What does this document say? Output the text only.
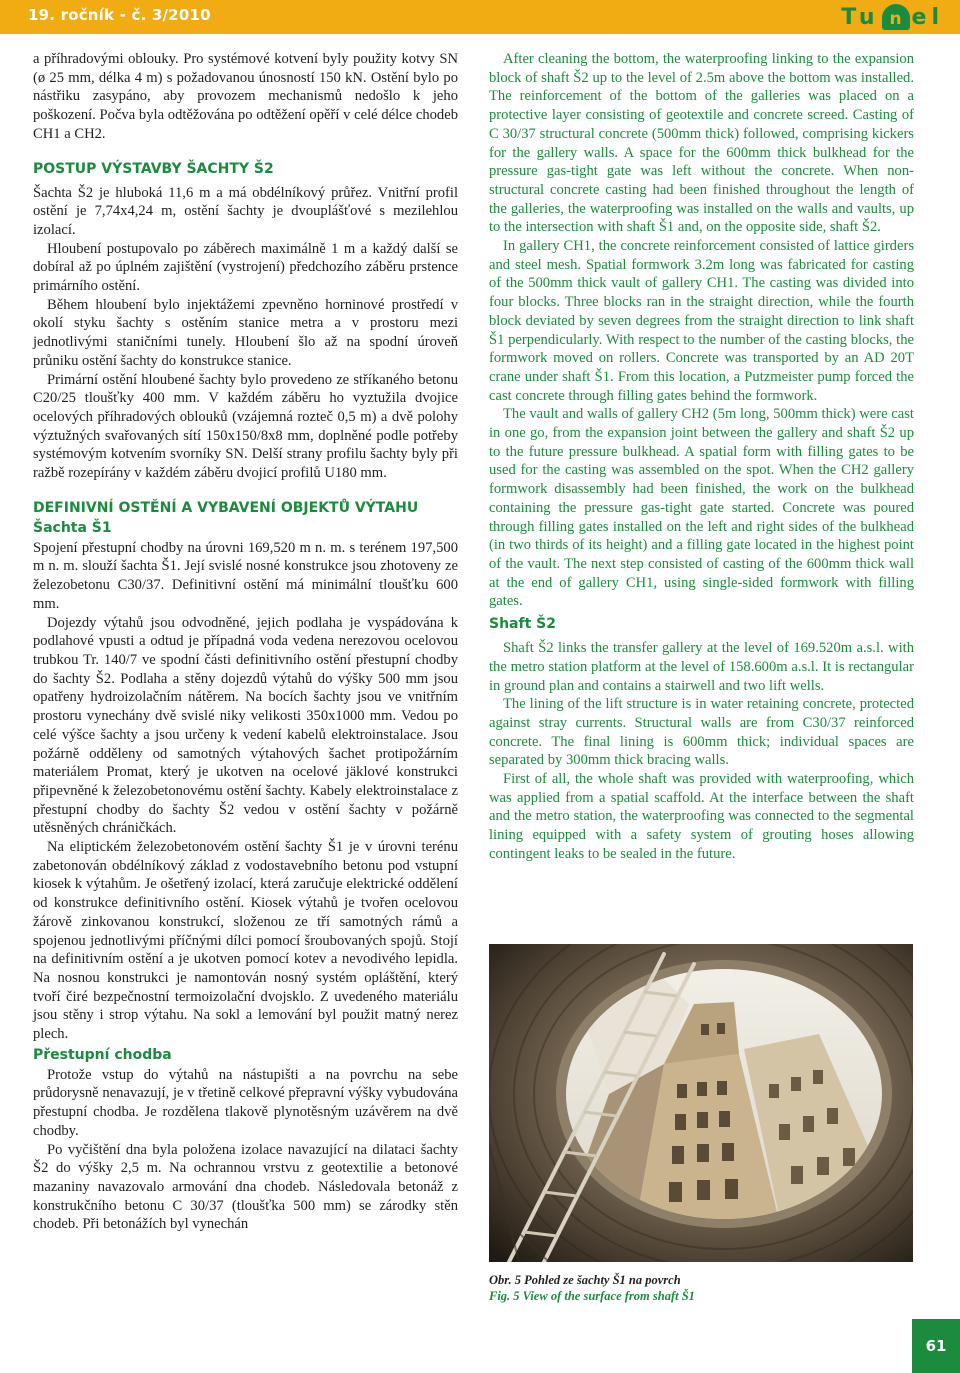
19. ročník - č. 3/2010	Tu n el

a příhradovými oblouky. Pro systémové kotvení byly použity kotvy SN (ø 25 mm, délka 4 m) s požadovanou únosností 150 kN. Ostění bylo po nástřiku zasypáno, aby provozem mechanismů nedošlo k jeho poškození. Počva byla odtěžována po odtěžení opěří v celé délce chodeb CH1 a CH2.

POSTUP VÝSTAVBY ŠACHTY Š2

Šachta Š2 je hluboká 11,6 m a má obdélníkový průřez. Vnitřní profil ostění je 7,74x4,24 m, ostění šachty je dvouplášťové s mezilehlou izolací.

Hloubení postupovalo po záběrech maximálně 1 m a každý další se dobíral až po úplném zajištění (vystrojení) předchozího záběru prstence primárního ostění.

Během hloubení bylo injektážemi zpevněno horninové prostředí v okolí styku šachty s ostěním stanice metra a v prostoru mezi jednotlivými staničními tunely. Hloubení šlo až na spodní úroveň průniku ostění šachty do konstrukce stanice.

Primární ostění hloubené šachty bylo provedeno ze stříkaného betonu C20/25 tloušťky 400 mm. V každém záběru ho vyztužila dvojice ocelových příhradových oblouků (vzájemná rozteč 0,5 m) a dvě polohy výztužných svařovaných sítí 150x150/8x8 mm, doplněné podle potřeby systémovým kotvením svorníky SN. Delší strany profilu šachty byly při ražbě rozepírány v každém záběru dvojicí profilů U180 mm.

DEFINIVNÍ OSTĚNÍ A VYBAVENÍ OBJEKTŮ VÝTAHU
Šachta Š1

Spojení přestupní chodby na úrovni 169,520 m n. m. s terénem 197,500 m n. m. slouží šachta Š1. Její svislé nosné konstrukce jsou zhotoveny ze železobetonu C30/37. Definitivní ostění má minimální tloušťku 600 mm.

Dojezdy výtahů jsou odvodněné, jejich podlaha je vyspádována k podlahové vpusti a odtud je případná voda vedena nerezovou ocelovou trubkou Tr. 140/7 ve spodní části definitivního ostění přestupní chodby do šachty Š2. Podlaha a stěny dojezdů výtahů do výšky 500 mm jsou opatřeny hydroizolačním nátěrem. Na bocích šachty jsou ve vnitřním prostoru vynechány dvě svislé niky velikosti 350x1000 mm. Vedou po celé výšce šachty a jsou určeny k vedení kabelů elektroinstalace. Jsou požárně odděleny od samotných výtahových šachet protipožárním materiálem Promat, který je ukotven na ocelové jäklové konstrukci připevněné k železobetonovému ostění šachty. Kabely elektroinstalace z přestupní chodby do šachty Š2 vedou v ostění šachty v požárně utěsněných chráničkách.

Na eliptickém železobetonovém ostění šachty Š1 je v úrovni terénu zabetonován obdélníkový základ z vodostavebního betonu pod vstupní kiosek k výtahům. Je ošetřený izolací, která zaručuje elektrické oddělení od konstrukce definitivního ostění. Kiosek výtahů je tvořen ocelovou žárově zinkovanou konstrukcí, složenou ze tří samotných rámů a spojenou jednotlivými příčnými dílci pomocí šroubovaných spojů. Stojí na definitivním ostění a je ukotven pomocí kotev a nevodivého lepidla. Na nosnou konstrukci je namontován nosný systém opláštění, který tvoří čiré bezpečnostní termoizolační dvojsklo. Z uvedeného materiálu jsou stěny i strop výtahu. Na sokl a lemování byl použit matný nerez plech.

Přestupní chodba

Protože vstup do výtahů na nástupišti a na povrchu na sebe průdorysně nenavazují, je v třetině celkové přepravní výšky vybudována přestupní chodba. Je rozdělena tlakově plynotěsným uzávěrem na dvě chodby.

Po vyčištění dna byla položena izolace navazující na dilataci šachty Š2 do výšky 2,5 m. Na ochrannou vrstvu z geotextilie a betonové mazaniny navazovalo armování dna chodeb. Následovala betonáž z konstrukčního betonu C 30/37 (tloušťka 500 mm) se zárodky stěn chodeb. Při betonážích byl vynechán

After cleaning the bottom, the waterproofing linking to the expansion block of shaft Š2 up to the level of 2.5m above the bottom was installed. The reinforcement of the bottom of the galleries was placed on a protective layer consisting of geotextile and concrete screed. Casting of C 30/37 structural concrete (500mm thick) followed, comprising kickers for the gallery walls. A space for the 600mm thick bulkhead for the pressure gas-tight gate was left without the concrete. When non-structural concrete casting had been finished throughout the length of the galleries, the waterproofing was installed on the walls and vaults, up to the intersection with shaft Š1 and, on the opposite side, shaft Š2.

In gallery CH1, the concrete reinforcement consisted of lattice girders and steel mesh. Spatial formwork 3.2m long was fabricated for casting of the 500mm thick vault of gallery CH1. The casting was divided into four blocks. Three blocks ran in the straight direction, while the fourth block deviated by seven degrees from the straight direction to link shaft Š1 perpendicularly. With respect to the number of the casting blocks, the formwork moved on rollers. Concrete was transported by an AD 20T crane under shaft Š1. From this location, a Putzmeister pump forced the cast concrete through filling gates behind the formwork.

The vault and walls of gallery CH2 (5m long, 500mm thick) were cast in one go, from the expansion joint between the gallery and shaft Š2 up to the future pressure bulkhead. A spatial form with filling gates to be used for the casting was assembled on the spot. When the CH2 gallery formwork disassembly had been finished, the work on the bulkhead containing the pressure gas-tight gate started. Concrete was poured through filling gates installed on the left and right sides of the bulkhead (in two thirds of its height) and a filling gate located in the highest point of the vault. The next step consisted of casting of the 600mm thick wall at the end of gallery CH1, using single-sided formwork with filling gates.

Shaft Š2

Shaft Š2 links the transfer gallery at the level of 169.520m a.s.l. with the metro station platform at the level of 158.600m a.s.l. It is rectangular in ground plan and contains a stairwell and two lift wells.

The lining of the lift structure is in water retaining concrete, protected against stray currents. Structural walls are from C30/37 reinforced concrete. The final lining is 600mm thick; individual spaces are separated by 300mm thick bracing walls.

First of all, the whole shaft was provided with waterproofing, which was applied from a spatial scaffold. At the interface between the shaft and the metro station, the waterproofing was connected to the segmental lining equipped with a safety system of grouting hoses allowing contingent leaks to be sealed in the future.

Obr. 5 Pohled ze šachty Š1 na povrch
Fig. 5 View of the surface from shaft Š1
61
